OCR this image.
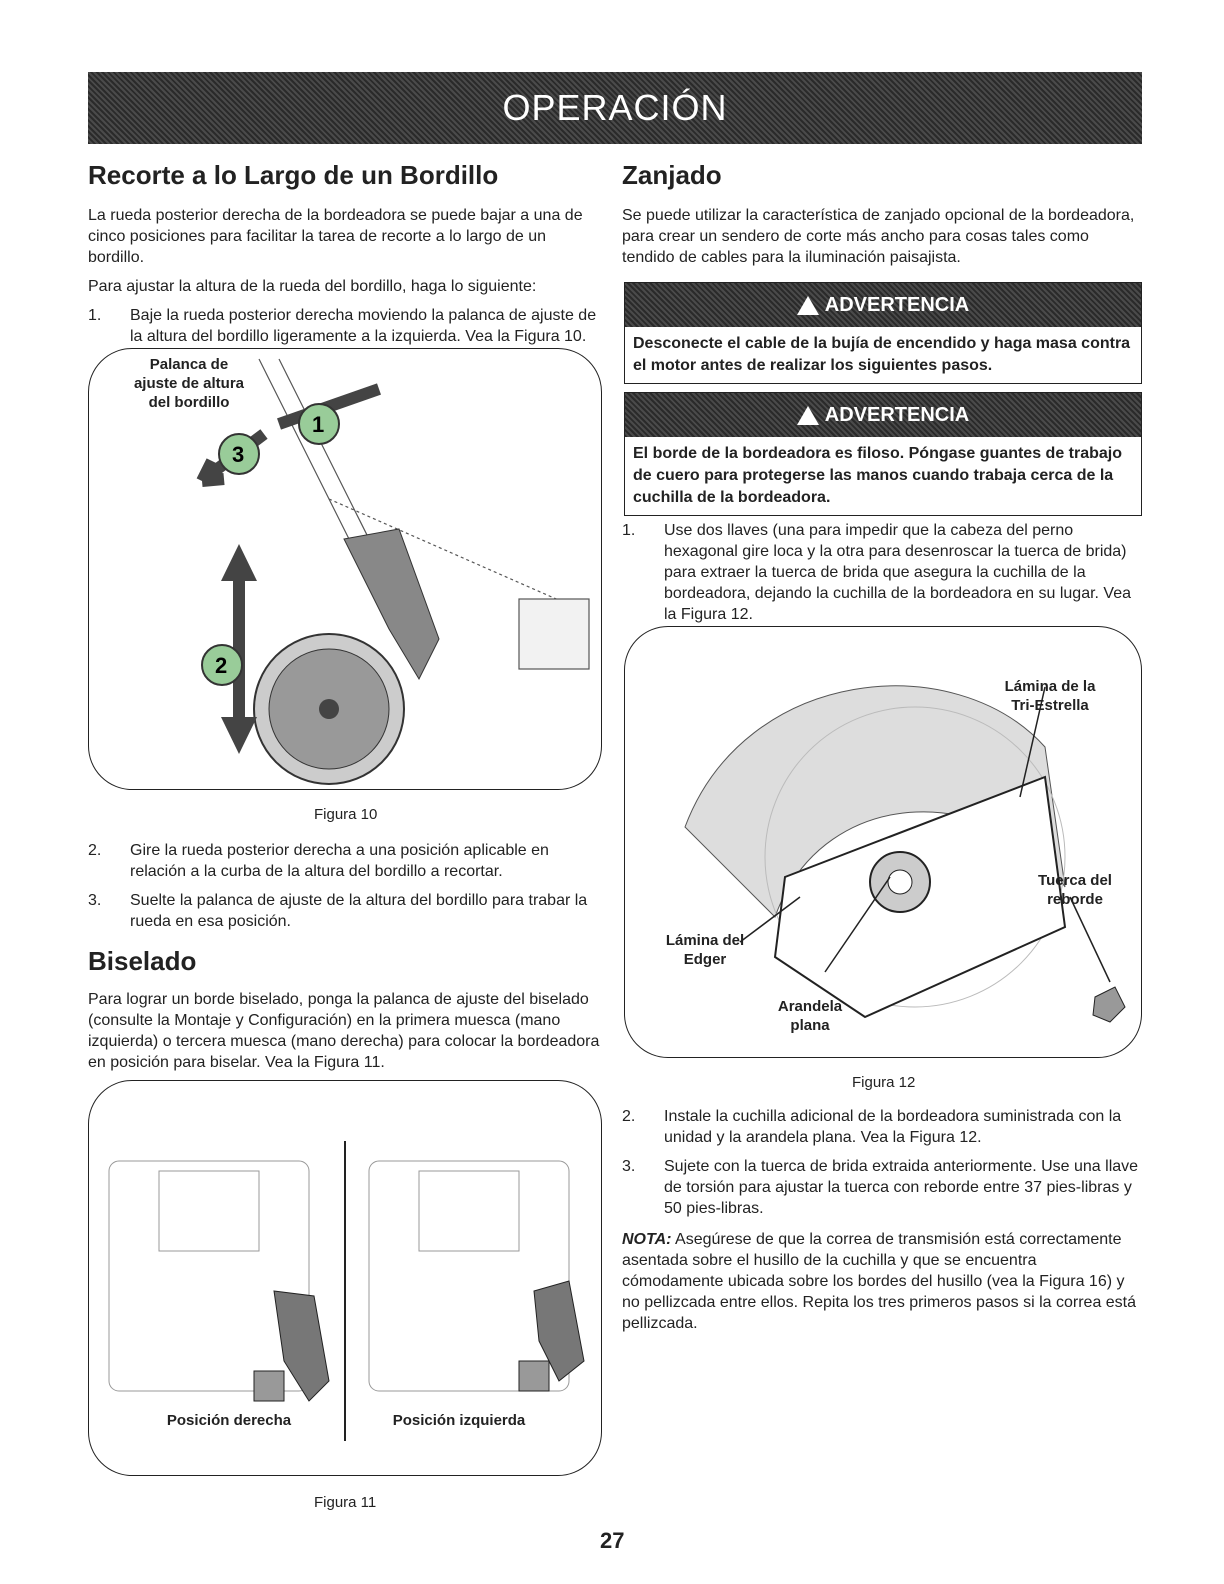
OPERACIÓN
Recorte a lo Largo de un Bordillo

La rueda posterior derecha de la bordeadora se puede bajar a una de cinco posiciones para facilitar la tarea de recorte a lo largo de un bordillo.

Para ajustar la altura de la rueda del bordillo, haga lo siguiente:

1. Baje la rueda posterior derecha moviendo la palanca de ajuste de la altura del bordillo ligeramente a la izquierda. Vea la Figura 10.

1
2
3
Palanca de
ajuste de altura
del bordillo
Figura 10

2. Gire la rueda posterior derecha a una posición aplicable en relación a la curba de la altura del bordillo a recortar.

3. Suelte la palanca de ajuste de la altura del bordillo para trabar la rueda en esa posición.

Biselado

Para lograr un borde biselado, ponga la palanca de ajuste del biselado (consulte la Montaje y Configuración) en la primera muesca (mano izquierda) o tercera muesca (mano derecha) para colocar la bordeadora en posición para biselar. Vea la Figura 11.

Posición derecha	Posición izquierda
Figura 11
Zanjado

Se puede utilizar la característica de zanjado opcional de la bordeadora, para crear un sendero de corte más ancho para cosas tales como tendido de cables para la iluminación paisajista.

ADVERTENCIA
Desconecte el cable de la bujía de encendido y haga masa contra el motor antes de realizar los siguientes pasos.
ADVERTENCIA
El borde de la bordeadora es filoso. Póngase guantes de trabajo de cuero para protegerse las manos cuando trabaja cerca de la cuchilla de la bordeadora.

1. Use dos llaves (una para impedir que la cabeza del perno hexagonal gire loca y la otra para desenroscar la tuerca de brida) para extraer la tuerca de brida que asegura la cuchilla de la bordeadora, dejando la cuchilla de la bordeadora en su lugar. Vea la Figura 12.

Lámina de la
Tri-Estrella
Tuerca del
reborde
Lámina del
Edger
Arandela
plana
Figura 12

2. Instale la cuchilla adicional de la bordeadora suministrada con la unidad y la arandela plana. Vea la Figura 12.

3. Sujete con la tuerca de brida extraida anteriormente. Use una llave de torsión para ajustar la tuerca con reborde entre 37 pies-libras y 50 pies-libras.

NOTA: Asegúrese de que la correa de transmisión está correctamente asentada sobre el husillo de la cuchilla y que se encuentra cómodamente ubicada sobre los bordes del husillo (vea la Figura 16) y no pellizcada entre ellos. Repita los tres primeros pasos si la correa está pellizcada.

27
